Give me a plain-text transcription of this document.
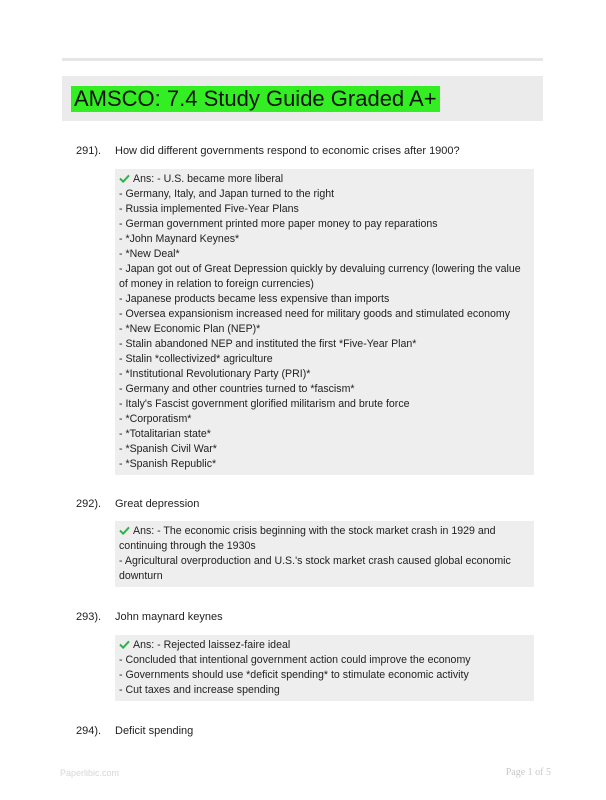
AMSCO: 7.4 Study Guide Graded A+
291). How did different governments respond to economic crises after 1900?

Ans: - U.S. became more liberal

- Germany, Italy, and Japan turned to the right

- Russia implemented Five-Year Plans

- German government printed more paper money to pay reparations

- *John Maynard Keynes*

- *New Deal*

- Japan got out of Great Depression quickly by devaluing currency (lowering the value of money in relation to foreign currencies)

- Japanese products became less expensive than imports

- Oversea expansionism increased need for military goods and stimulated economy

- *New Economic Plan (NEP)*

- Stalin abandoned NEP and instituted the first *Five-Year Plan*

- Stalin *collectivized* agriculture

- *Institutional Revolutionary Party (PRI)*

- Germany and other countries turned to *fascism*

- Italy's Fascist government glorified militarism and brute force

- *Corporatism*

- *Totalitarian state*

- *Spanish Civil War*

- *Spanish Republic*

292). Great depression

Ans: - The economic crisis beginning with the stock market crash in 1929 and continuing through the 1930s

- Agricultural overproduction and U.S.'s stock market crash caused global economic downturn

293). John maynard keynes

Ans: - Rejected laissez-faire ideal

- Concluded that intentional government action could improve the economy

- Governments should use *deficit spending* to stimulate economic activity

- Cut taxes and increase spending

294). Deficit spending
Paperlibic.com	Page 1 of 5
